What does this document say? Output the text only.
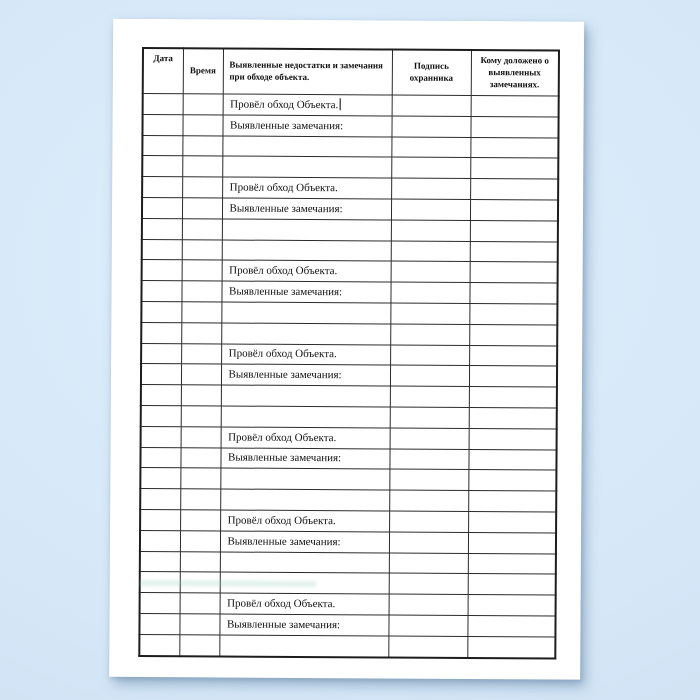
Дата	Время	Выявленные недостатки и замечания при обходе объекта.	Подпись охранника	Кому доложено о выявленных замечаниях.
		Провёл обход Объекта.		
		Выявленные замечания:		

		Провёл обход Объекта.		
		Выявленные замечания:		

		Провёл обход Объекта.		
		Выявленные замечания:		

		Провёл обход Объекта.		
		Выявленные замечания:		

		Провёл обход Объекта.		
		Выявленные замечания:		

		Провёл обход Объекта.		
		Выявленные замечания:		

		Провёл обход Объекта.		
		Выявленные замечания:		
